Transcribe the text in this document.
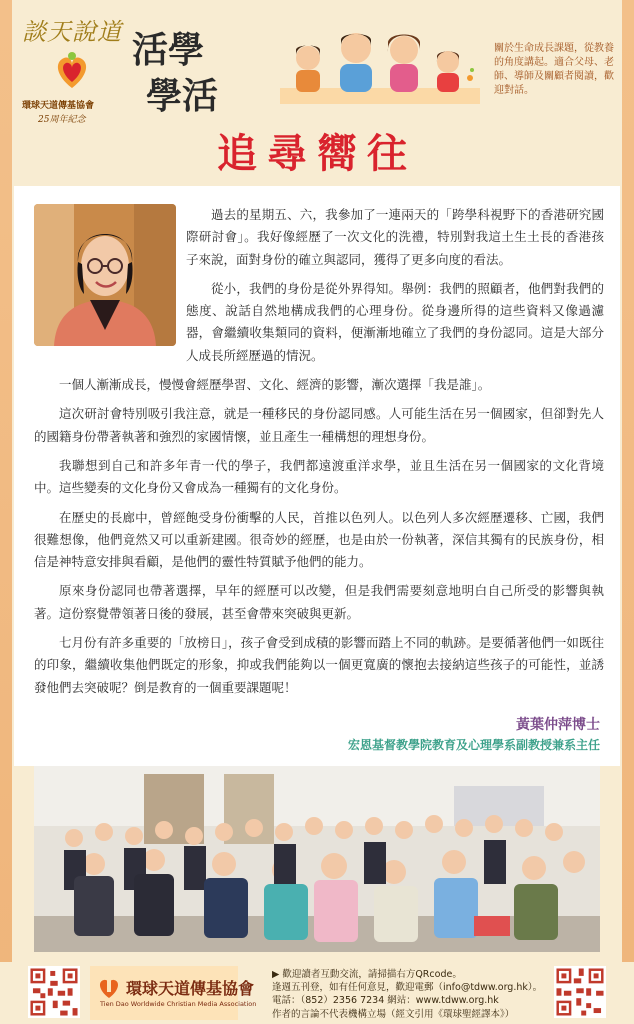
談天說道
環球天道傳基協會
25周年紀念
活學
學活
關於生命成長課題，從教養的角度講起。適合父母、老師、導師及關顧者閱讀，歡迎對話。
追尋嚮往

過去的星期五、六，我參加了一連兩天的「跨學科視野下的香港研究國際研討會」。我好像經歷了一次文化的洗禮，特別對我這土生土長的香港孩子來說，面對身份的確立與認同，獲得了更多向度的看法。

從小，我們的身份是從外界得知。舉例：我們的照顧者，他們對我們的態度、說話自然地構成我們的心理身份。從身邊所得的這些資料又像過濾器，會繼續收集類同的資料，便漸漸地確立了我們的身份認同。這是大部分人成長所經歷過的情況。

一個人漸漸成長，慢慢會經歷學習、文化、經濟的影響，漸次選擇「我是誰」。

這次研討會特別吸引我注意，就是一種移民的身份認同感。人可能生活在另一個國家，但卻對先人的國籍身份帶著執著和強烈的家國情懷，並且產生一種構想的理想身份。

我聯想到自己和許多年青一代的學子，我們都遠渡重洋求學，並且生活在另一個國家的文化背境中。這些變奏的文化身份又會成為一種獨有的文化身份。

在歷史的長廊中，曾經飽受身份衝擊的人民，首推以色列人。以色列人多次經歷遷移、亡國，我們很難想像，他們竟然又可以重新建國。很奇妙的經歷，也是由於一份執著，深信其獨有的民族身份，相信是神特意安排與看顧，是他們的靈性特質賦予他們的能力。

原來身份認同也帶著選擇，早年的經歷可以改變，但是我們需要刻意地明白自己所受的影響與執著。這份察覺帶領著日後的發展，甚至會帶來突破與更新。

七月份有許多重要的「放榜日」，孩子會受到成積的影響而踏上不同的軌跡。是要循著他們一如既往的印象，繼續收集他們既定的形象，抑或我們能夠以一個更寬廣的懷抱去接納這些孩子的可能性，並誘發他們去突破呢？倒是教育的一個重要課題呢！

黃葉仲萍博士
宏恩基督教學院教育及心理學系副教授兼系主任
環球天道傳基協會
Tien Dao Worldwide Christian Media Association
▶ 歡迎讀者互動交流，請掃描右方QRcode。
逢週五刊登，如有任何意見，歡迎電郵（info@tdww.org.hk）。
電話：（852）2356 7234 網站：www.tdww.org.hk
作者的言論不代表機構立場（經文引用《環球聖經譯本》）
